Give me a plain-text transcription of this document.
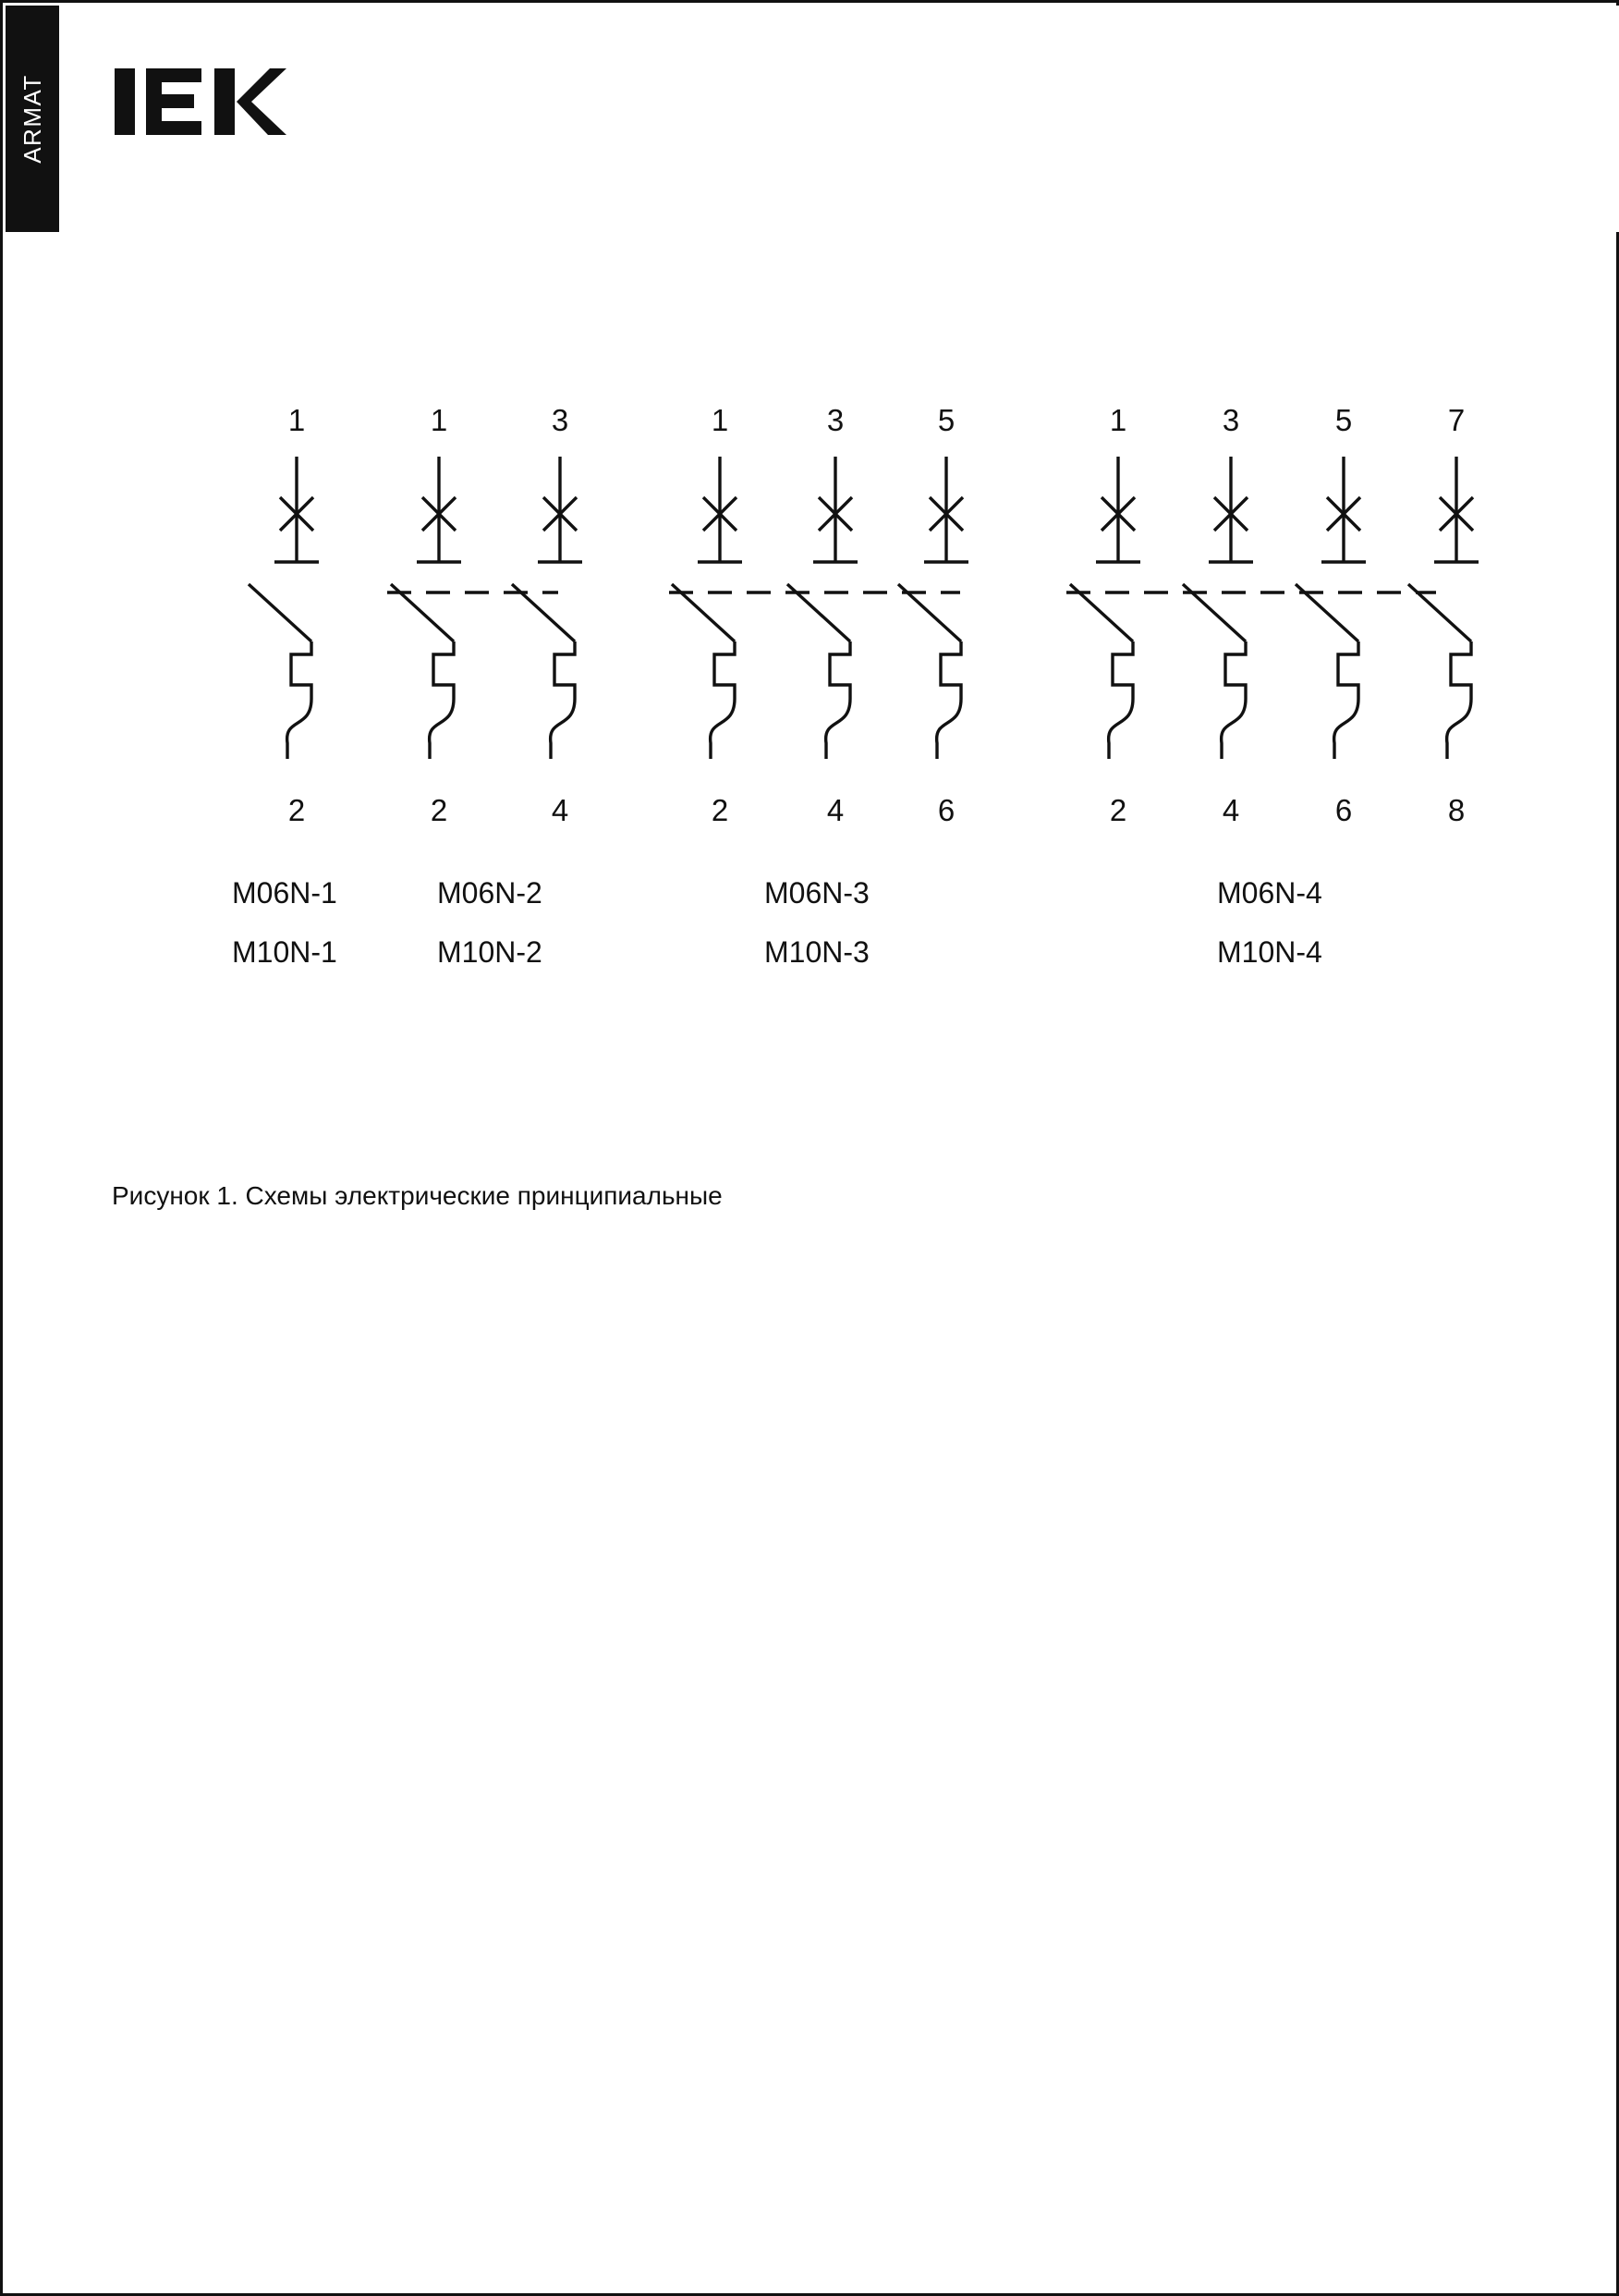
ARMAT
1
2
M06N-1
M10N-1
1
2
3
4
M06N-2
M10N-2
1
2
3
4
5
6
M06N-3
M10N-3
1
2
3
4
5
6
7
8
M06N-4
M10N-4
Рисунок 1. Схемы электрические принципиальные
